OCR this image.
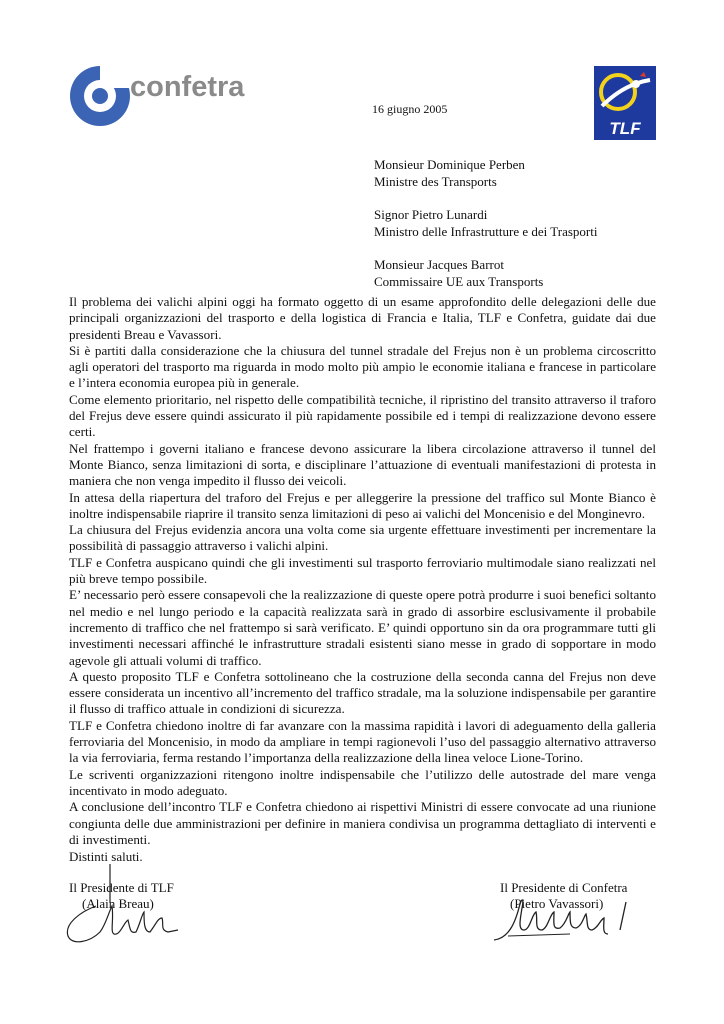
confetra
16 giugno 2005
TLF
Monsieur Dominique Perben
Ministre des Transports
Signor Pietro Lunardi
Ministro delle Infrastrutture e dei Trasporti
Monsieur Jacques Barrot
Commissaire UE aux Transports

Il problema dei valichi alpini oggi ha formato oggetto di un esame approfondito delle delegazioni delle due principali organizzazioni del trasporto e della logistica di Francia e Italia, TLF e Confetra, guidate dai due presidenti Breau e Vavassori.

Si è partiti dalla considerazione che la chiusura del tunnel stradale del Frejus non è un problema circoscritto agli operatori del trasporto ma riguarda in modo molto più ampio le economie italiana e francese in particolare e l’intera economia europea più in generale.

Come elemento prioritario, nel rispetto delle compatibilità tecniche, il ripristino del transito attraverso il traforo del Frejus deve essere quindi assicurato il più rapidamente possibile ed i tempi di realizzazione devono essere certi.

Nel frattempo i governi italiano e francese devono assicurare la libera circolazione attraverso il tunnel del Monte Bianco, senza limitazioni di sorta, e disciplinare l’attuazione di eventuali manifestazioni di protesta in maniera che non venga impedito il flusso dei veicoli.

In attesa della riapertura del traforo del Frejus e per alleggerire la pressione del traffico sul Monte Bianco è inoltre indispensabile riaprire il transito senza limitazioni di peso ai valichi del Moncenisio e del Monginevro.

La chiusura del Frejus evidenzia ancora una volta come sia urgente effettuare investimenti per incrementare la possibilità di passaggio attraverso i valichi alpini.

TLF e Confetra auspicano quindi che gli investimenti sul trasporto ferroviario multimodale siano realizzati nel più breve tempo possibile.

E’ necessario però essere consapevoli che la realizzazione di queste opere potrà produrre i suoi benefici soltanto nel medio e nel lungo periodo e la capacità realizzata sarà in grado di assorbire esclusivamente il probabile incremento di traffico che nel frattempo si sarà verificato. E’ quindi opportuno sin da ora programmare tutti gli investimenti necessari affinché le infrastrutture stradali esistenti siano messe in grado di sopportare in modo agevole gli attuali volumi di traffico.

A questo proposito TLF e Confetra sottolineano che la costruzione della seconda canna del Frejus non deve essere considerata un incentivo all’incremento del traffico stradale, ma la soluzione indispensabile per garantire il flusso di traffico attuale in condizioni di sicurezza.

TLF e Confetra chiedono inoltre di far avanzare con la massima rapidità i lavori di adeguamento della galleria ferroviaria del Moncenisio, in modo da ampliare in tempi ragionevoli l’uso del passaggio alternativo attraverso la via ferroviaria, ferma restando l’importanza della realizzazione della linea veloce Lione-Torino.

Le scriventi organizzazioni ritengono inoltre indispensabile che l’utilizzo delle autostrade del mare venga incentivato in modo adeguato.

A conclusione dell’incontro TLF e Confetra chiedono ai rispettivi Ministri di essere convocate ad una riunione congiunta delle due amministrazioni per definire in maniera condivisa un programma dettagliato di interventi e di investimenti.

Distinti saluti.
Il Presidente di TLF
(Alain Breau)
Il Presidente di Confetra
(Pietro Vavassori)
